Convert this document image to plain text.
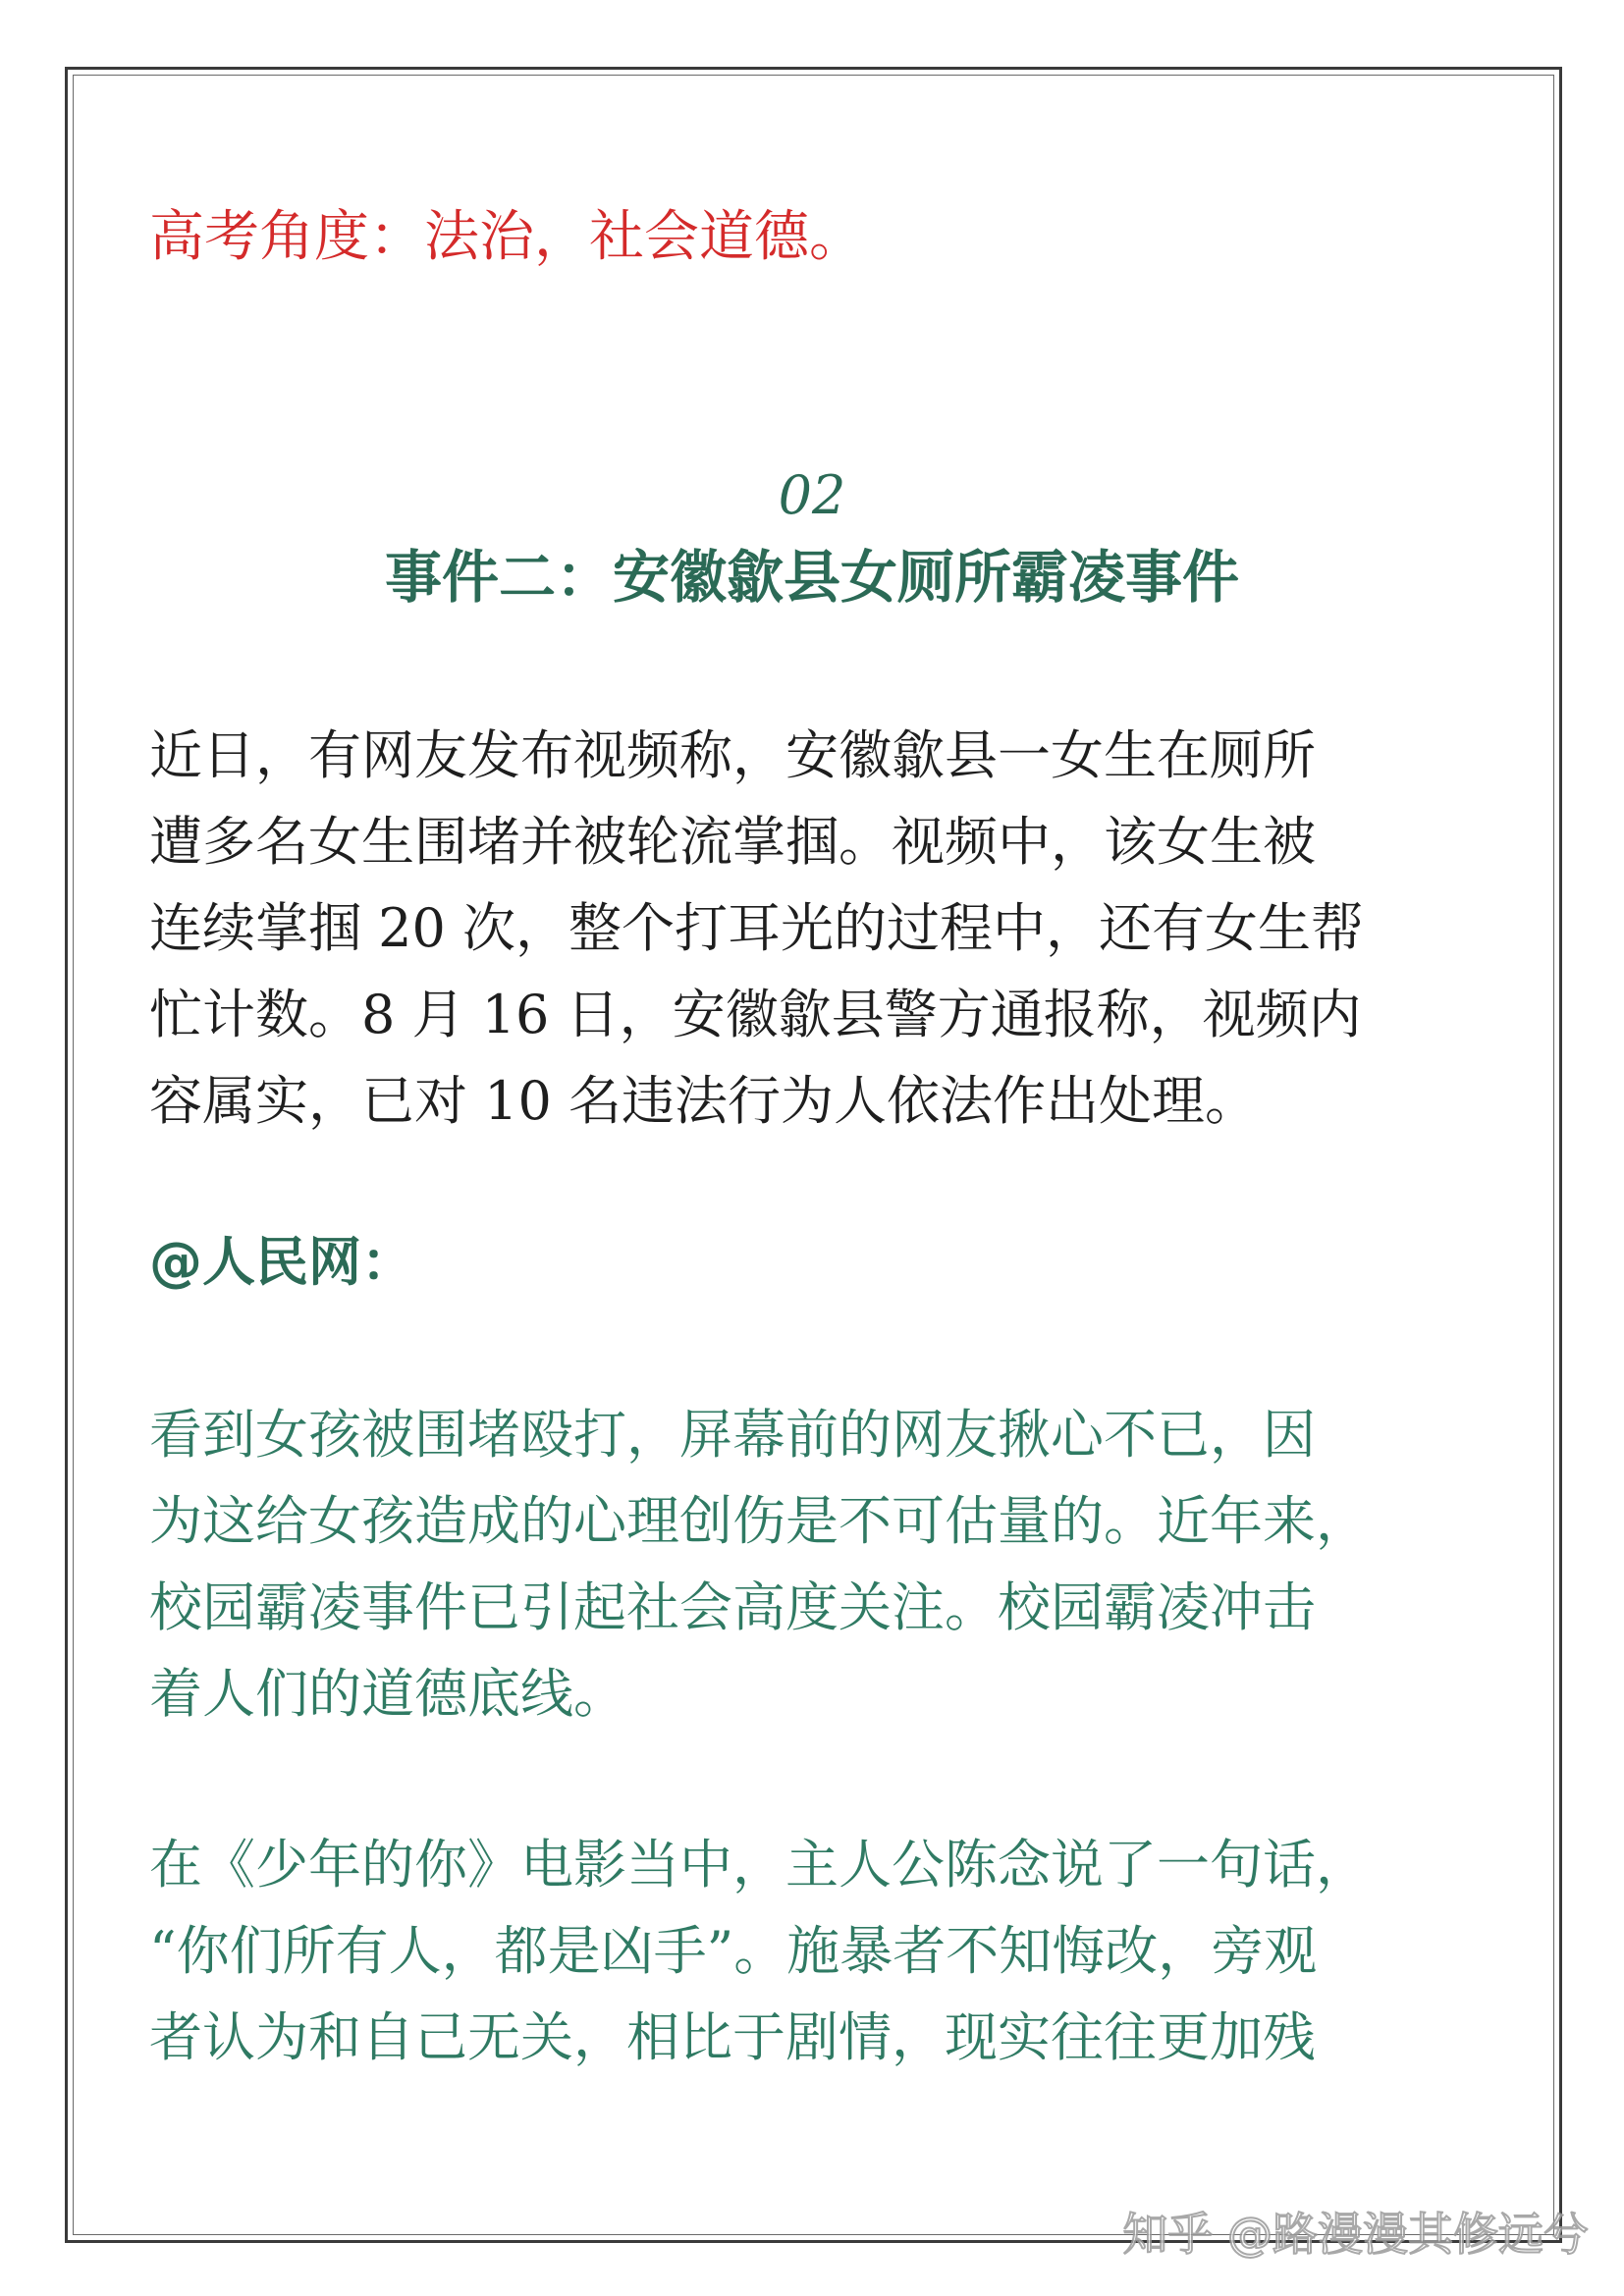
高考角度：法治，社会道德。
02
事件二：安徽歙县女厕所霸凌事件
近日，有网友发布视频称，安徽歙县一女生在厕所
遭多名女生围堵并被轮流掌掴。视频中，该女生被
连续掌掴 20 次，整个打耳光的过程中，还有女生帮
忙计数。8 月 16 日，安徽歙县警方通报称，视频内
容属实，已对 10 名违法行为人依法作出处理。
@人民网：
看到女孩被围堵殴打，屏幕前的网友揪心不已，因
为这给女孩造成的心理创伤是不可估量的。近年来，
校园霸凌事件已引起社会高度关注。校园霸凌冲击
着人们的道德底线。
在《少年的你》电影当中，主人公陈念说了一句话，
“你们所有人，都是凶手”。施暴者不知悔改，旁观
者认为和自己无关，相比于剧情，现实往往更加残
知乎 @路漫漫其修远兮
